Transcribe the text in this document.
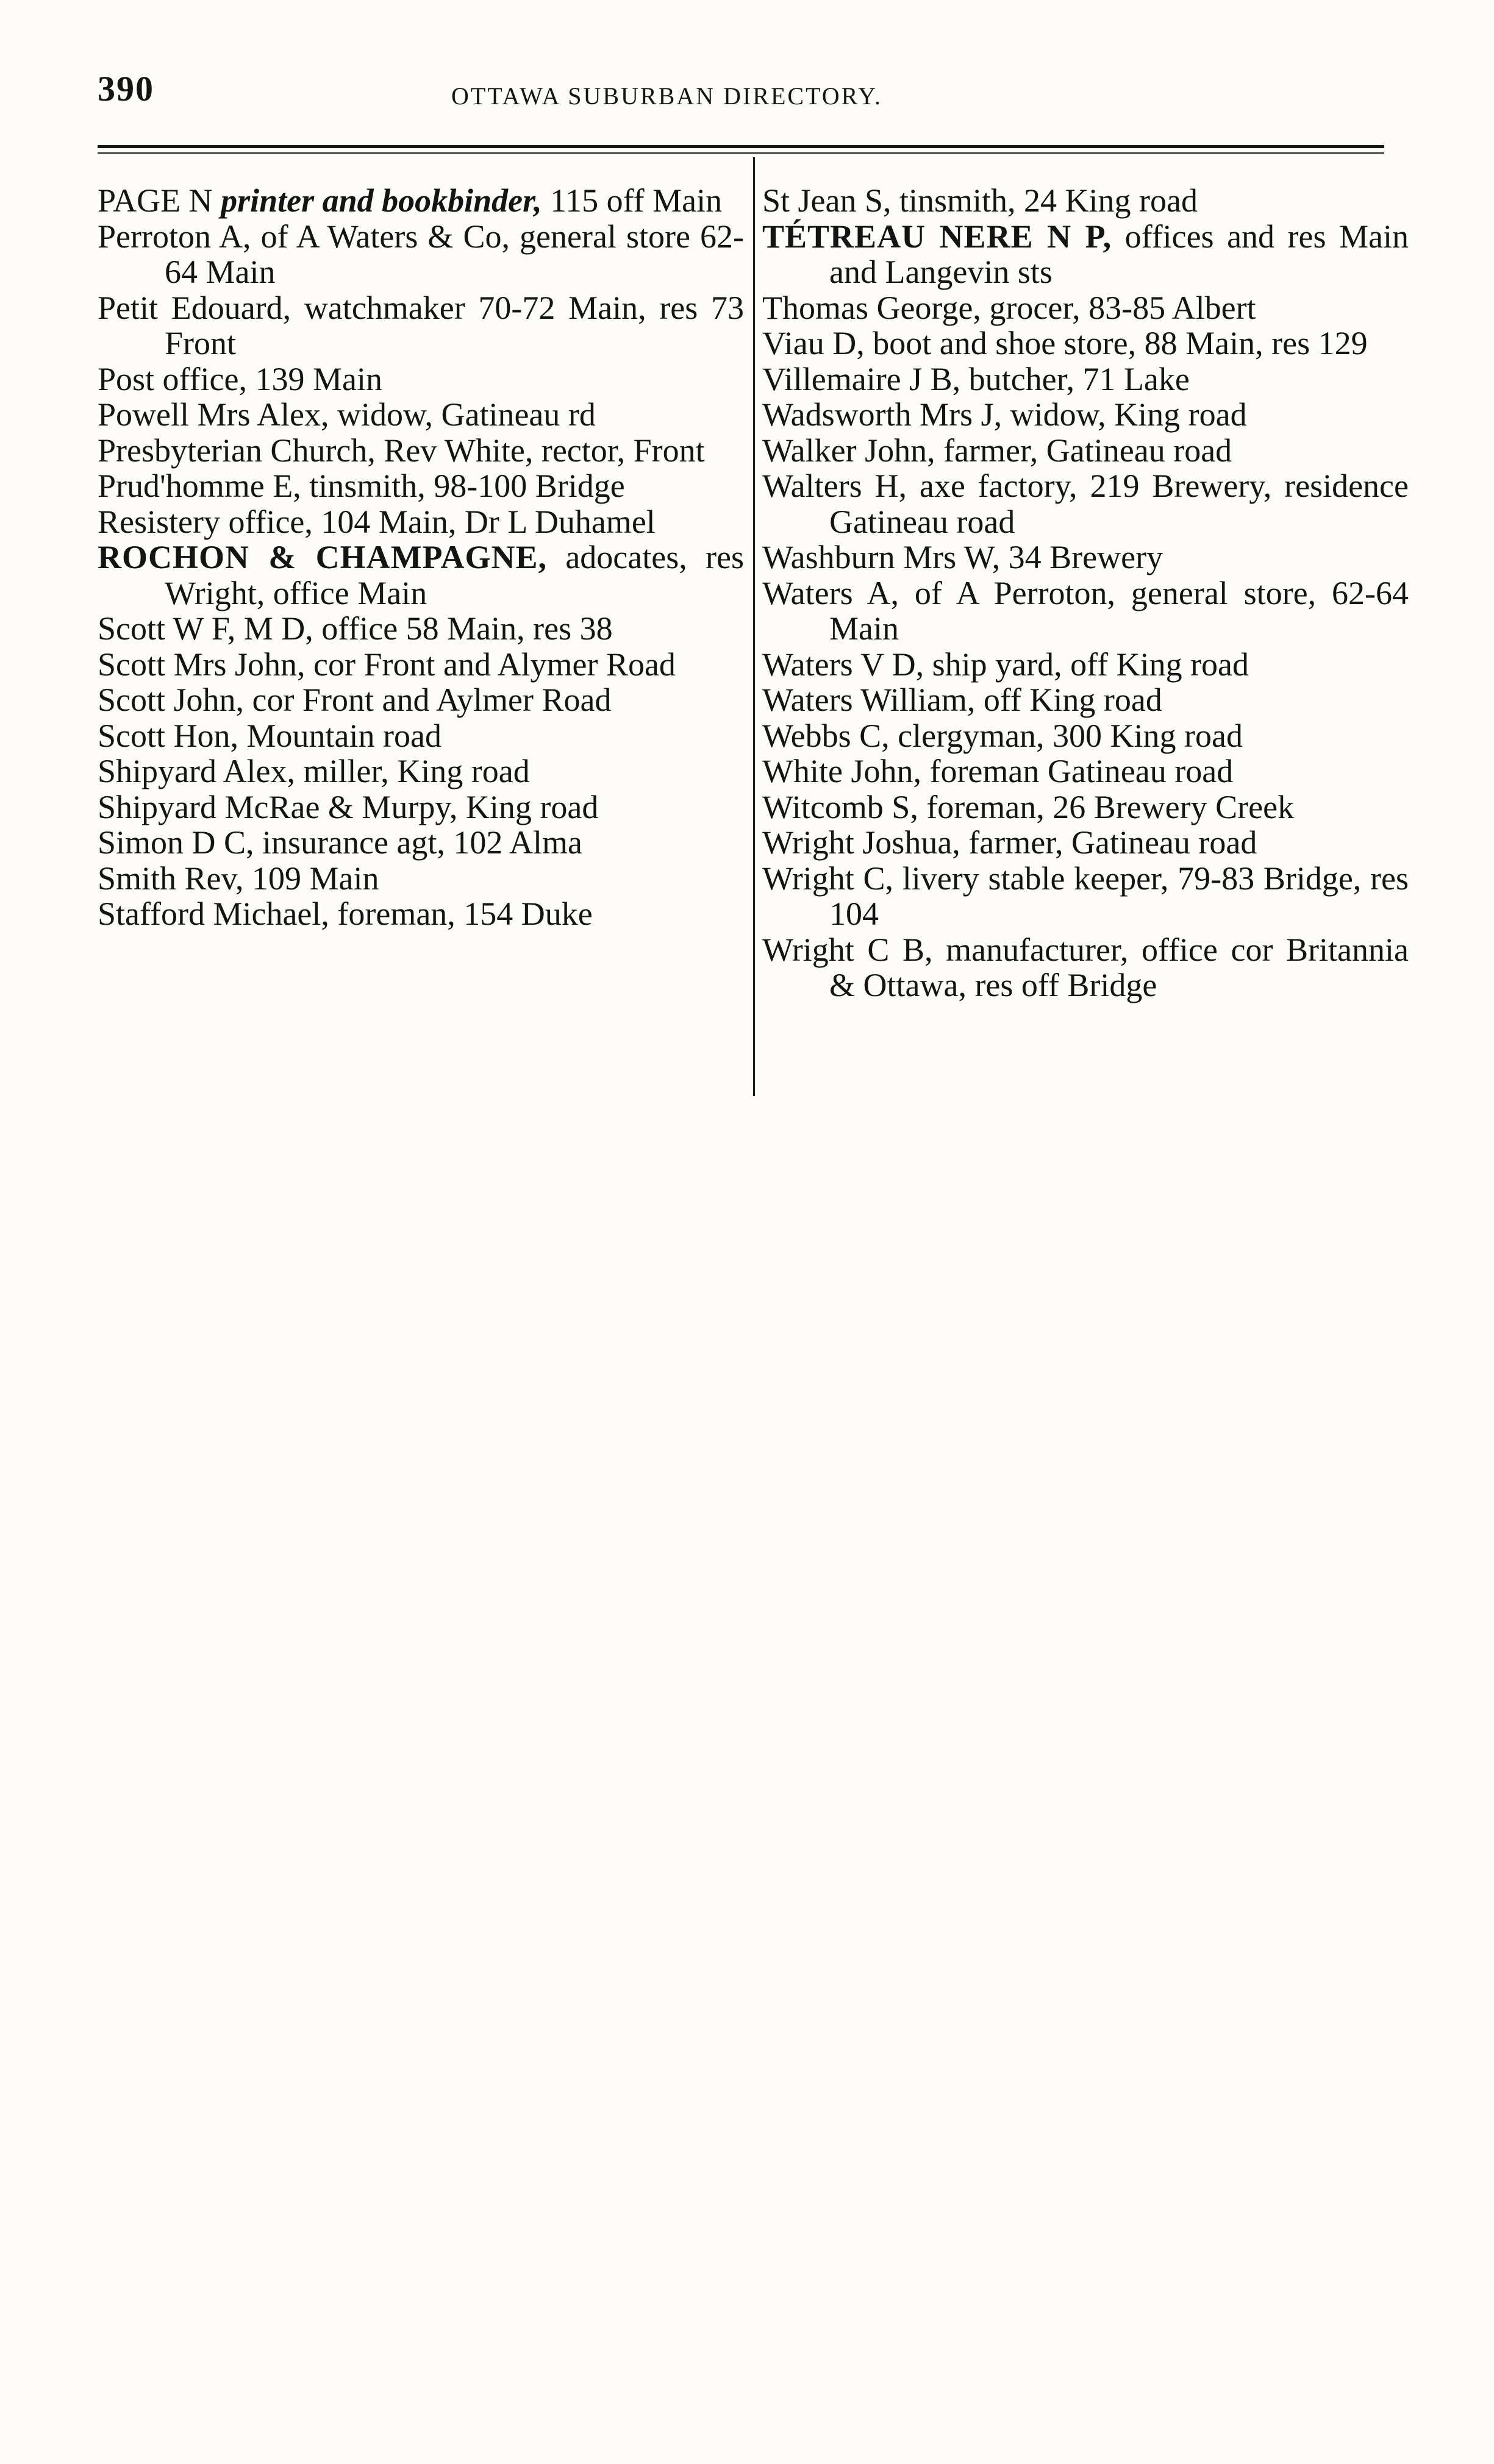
390	OTTAWA SUBURBAN DIRECTORY.

PAGE N printer and bookbinder, 115 off Main

Perroton A, of A Waters & Co, general store 62-64 Main

Petit Edouard, watchmaker 70-72 Main, res 73 Front

Post office, 139 Main

Powell Mrs Alex, widow, Gatineau rd

Presbyterian Church, Rev White, rector, Front

Prud'homme E, tinsmith, 98-100 Bridge

Resistery office, 104 Main, Dr L Duhamel

ROCHON & CHAMPAGNE, adocates, res Wright, office Main

Scott W F, M D, office 58 Main, res 38

Scott Mrs John, cor Front and Alymer Road

Scott John, cor Front and Aylmer Road

Scott Hon, Mountain road

Shipyard Alex, miller, King road

Shipyard McRae & Murpy, King road

Simon D C, insurance agt, 102 Alma

Smith Rev, 109 Main

Stafford Michael, foreman, 154 Duke

St Jean S, tinsmith, 24 King road

TÉTREAU NERE N P, offices and res Main and Langevin sts

Thomas George, grocer, 83-85 Albert

Viau D, boot and shoe store, 88 Main, res 129

Villemaire J B, butcher, 71 Lake

Wadsworth Mrs J, widow, King road

Walker John, farmer, Gatineau road

Walters H, axe factory, 219 Brewery, residence Gatineau road

Washburn Mrs W, 34 Brewery

Waters A, of A Perroton, general store, 62-64 Main

Waters V D, ship yard, off King road

Waters William, off King road

Webbs C, clergyman, 300 King road

White John, foreman Gatineau road

Witcomb S, foreman, 26 Brewery Creek

Wright Joshua, farmer, Gatineau road

Wright C, livery stable keeper, 79-83 Bridge, res 104

Wright C B, manufacturer, office cor Britannia & Ottawa, res off Bridge
